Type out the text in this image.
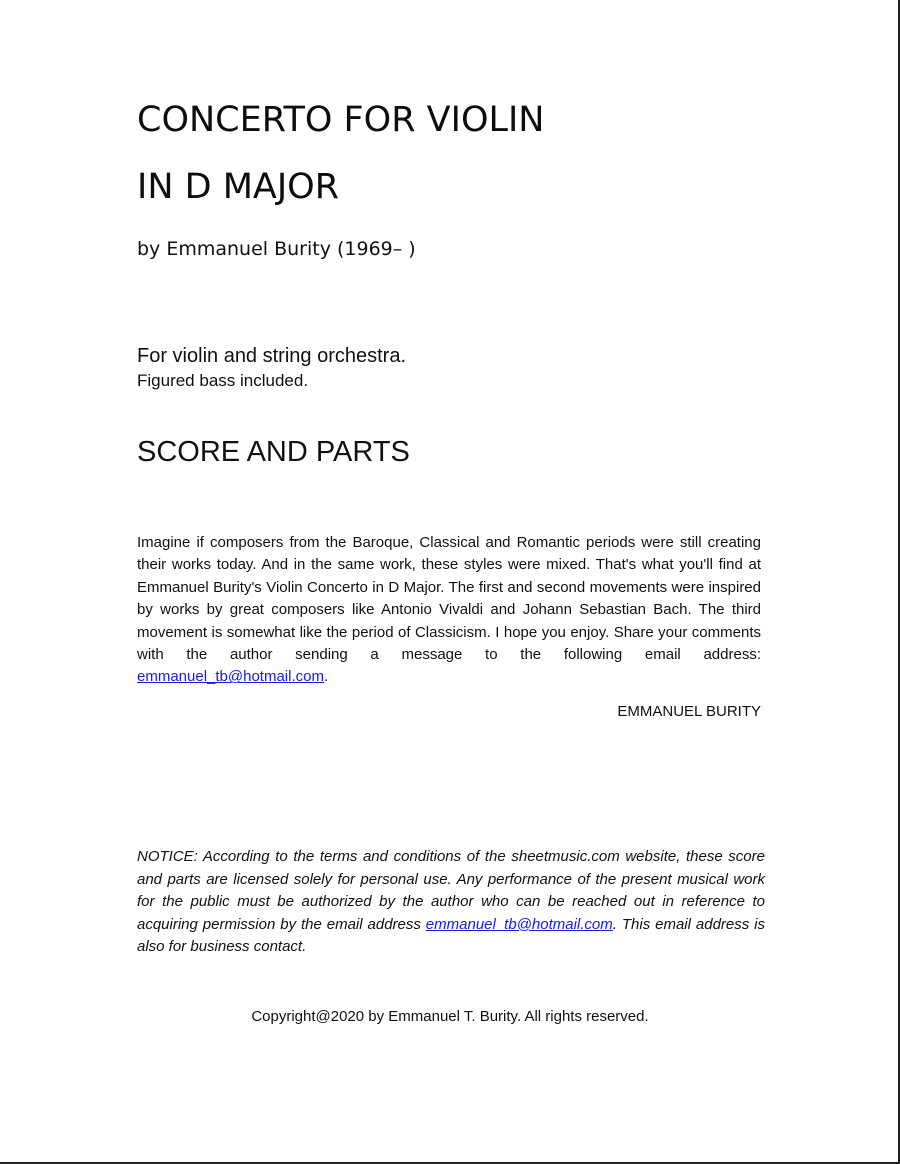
CONCERTO FOR VIOLIN
IN D MAJOR
by Emmanuel Burity (1969– )
For violin and string orchestra.
Figured bass included.
SCORE AND PARTS
Imagine if composers from the Baroque, Classical and Romantic periods were still creating their works today. And in the same work, these styles were mixed. That's what you'll find at Emmanuel Burity's Violin Concerto in D Major. The first and second movements were inspired by works by great composers like Antonio Vivaldi and Johann Sebastian Bach. The third movement is somewhat like the period of Classicism. I hope you enjoy. Share your comments with the author sending a message to the following email address: emmanuel_tb@hotmail.com.
EMMANUEL BURITY
NOTICE: According to the terms and conditions of the sheetmusic.com website, these score and parts are licensed solely for personal use. Any performance of the present musical work for the public must be authorized by the author who can be reached out in reference to acquiring permission by the email address emmanuel_tb@hotmail.com. This email address is also for business contact.
Copyright@2020 by Emmanuel T. Burity. All rights reserved.
